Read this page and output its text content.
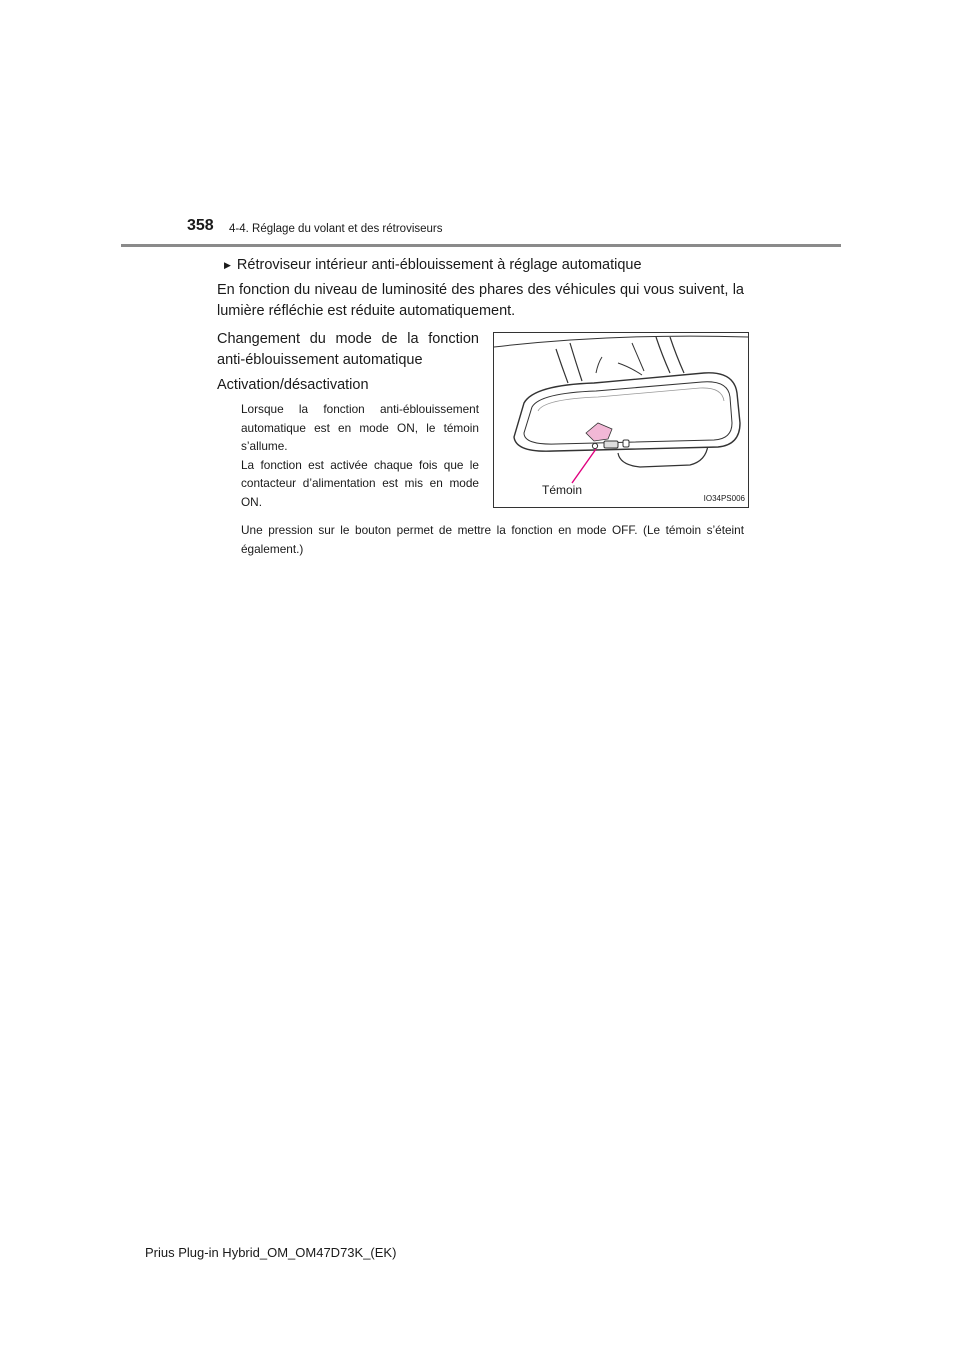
358 4-4. Réglage du volant et des rétroviseurs
▶ Rétroviseur intérieur anti-éblouissement à réglage automatique

En fonction du niveau de luminosité des phares des véhicules qui vous suivent, la lumière réfléchie est réduite automatiquement.

Changement du mode de la fonction anti-éblouissement automatique

Activation/désactivation

Lorsque la fonction anti-éblouissement automatique est en mode ON, le témoin s’allume.

La fonction est activée chaque fois que le contacteur d’alimentation est mis en mode ON.

Une pression sur le bouton permet de mettre la fonction en mode OFF. (Le témoin s’éteint également.)

Témoin
IO34PS006
Prius Plug-in Hybrid_OM_OM47D73K_(EK)
